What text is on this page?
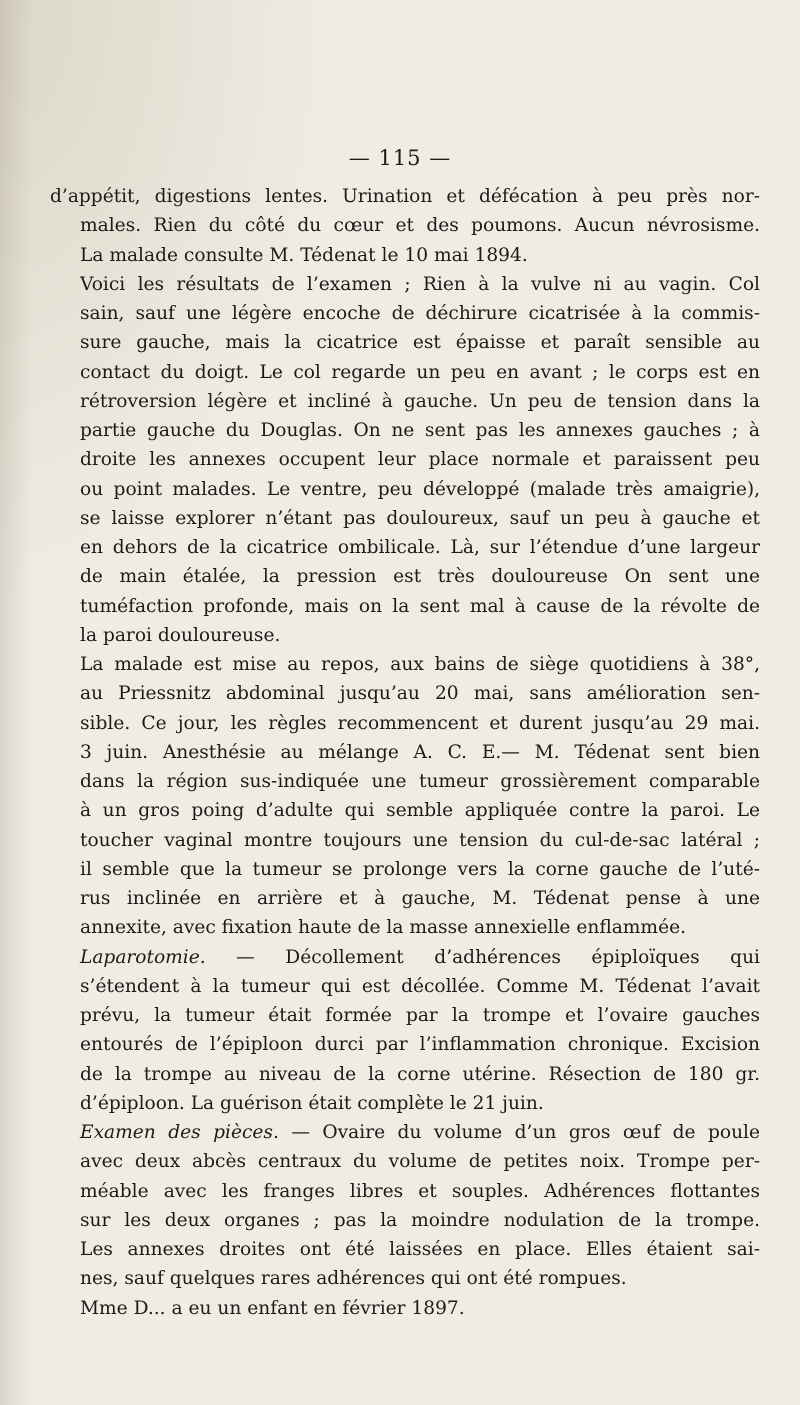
— 115 —
d’appétit, digestions lentes. Urination et défécation à peu près nor-
males. Rien du côté du cœur et des poumons. Aucun névrosisme.
La malade consulte M. Tédenat le 10 mai 1894.
Voici les résultats de l’examen ; Rien à la vulve ni au vagin. Col
sain, sauf une légère encoche de déchirure cicatrisée à la commis-
sure gauche, mais la cicatrice est épaisse et paraît sensible au
contact du doigt. Le col regarde un peu en avant ; le corps est en
rétroversion légère et incliné à gauche. Un peu de tension dans la
partie gauche du Douglas. On ne sent pas les annexes gauches ; à
droite les annexes occupent leur place normale et paraissent peu
ou point malades. Le ventre, peu développé (malade très amaigrie),
se laisse explorer n’étant pas douloureux, sauf un peu à gauche et
en dehors de la cicatrice ombilicale. Là, sur l’étendue d’une largeur
de main étalée, la pression est très douloureuse On sent une
tuméfaction profonde, mais on la sent mal à cause de la révolte de
la paroi douloureuse.
La malade est mise au repos, aux bains de siège quotidiens à 38°,
au Priessnitz abdominal jusqu’au 20 mai, sans amélioration sen-
sible. Ce jour, les règles recommencent et durent jusqu’au 29 mai.
3 juin. Anesthésie au mélange A. C. E.— M. Tédenat sent bien
dans la région sus-indiquée une tumeur grossièrement comparable
à un gros poing d’adulte qui semble appliquée contre la paroi. Le
toucher vaginal montre toujours une tension du cul-de-sac latéral ;
il semble que la tumeur se prolonge vers la corne gauche de l’uté-
rus inclinée en arrière et à gauche, M. Tédenat pense à une
annexite, avec fixation haute de la masse annexielle enflammée.
Laparotomie. — Décollement d’adhérences épiploïques qui
s’étendent à la tumeur qui est décollée. Comme M. Tédenat l’avait
prévu, la tumeur était formée par la trompe et l’ovaire gauches
entourés de l’épiploon durci par l’inflammation chronique. Excision
de la trompe au niveau de la corne utérine. Résection de 180 gr.
d’épiploon. La guérison était complète le 21 juin.
Examen des pièces. — Ovaire du volume d’un gros œuf de poule
avec deux abcès centraux du volume de petites noix. Trompe per-
méable avec les franges libres et souples. Adhérences flottantes
sur les deux organes ; pas la moindre nodulation de la trompe.
Les annexes droites ont été laissées en place. Elles étaient sai-
nes, sauf quelques rares adhérences qui ont été rompues.
Mme D... a eu un enfant en février 1897.
